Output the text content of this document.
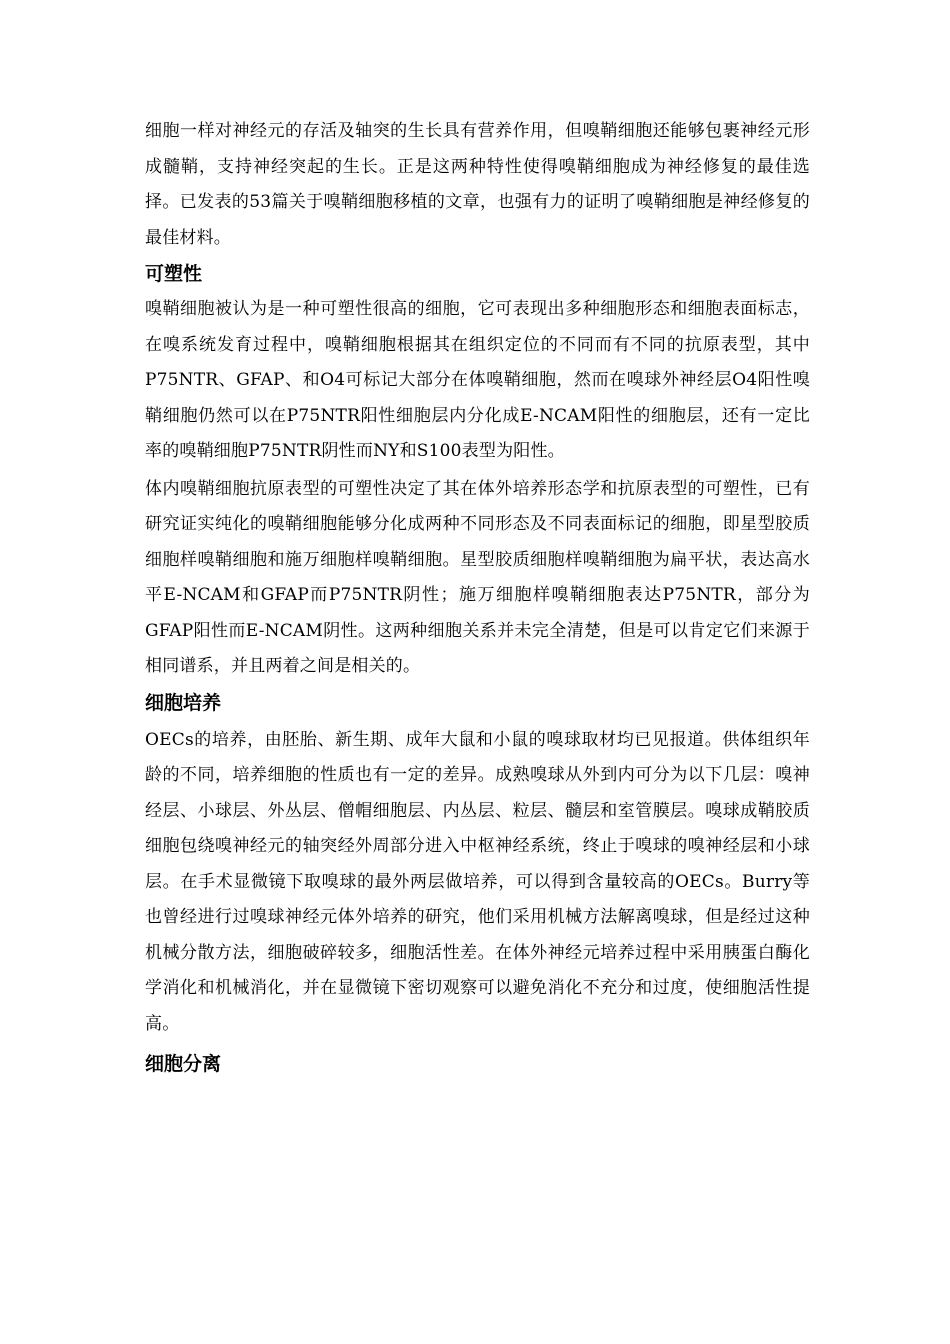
细胞一样对神经元的存活及轴突的生长具有营养作用，但嗅鞘细胞还能够包裹神经元形成髓鞘，支持神经突起的生长。正是这两种特性使得嗅鞘细胞成为神经修复的最佳选择。已发表的53篇关于嗅鞘细胞移植的文章，也强有力的证明了嗅鞘细胞是神经修复的最佳材料。

可塑性

嗅鞘细胞被认为是一种可塑性很高的细胞，它可表现出多种细胞形态和细胞表面标志，在嗅系统发育过程中，嗅鞘细胞根据其在组织定位的不同而有不同的抗原表型，其中P75NTR、GFAP、和O4可标记大部分在体嗅鞘细胞，然而在嗅球外神经层O4阳性嗅鞘细胞仍然可以在P75NTR阳性细胞层内分化成E-NCAM阳性的细胞层，还有一定比率的嗅鞘细胞P75NTR阴性而NY和S100表型为阳性。

体内嗅鞘细胞抗原表型的可塑性决定了其在体外培养形态学和抗原表型的可塑性，已有研究证实纯化的嗅鞘细胞能够分化成两种不同形态及不同表面标记的细胞，即星型胶质细胞样嗅鞘细胞和施万细胞样嗅鞘细胞。星型胶质细胞样嗅鞘细胞为扁平状，表达高水平E-NCAM和GFAP而P75NTR阴性；施万细胞样嗅鞘细胞表达P75NTR，部分为GFAP阳性而E-NCAM阴性。这两种细胞关系并未完全清楚，但是可以肯定它们来源于相同谱系，并且两着之间是相关的。

细胞培养

OECs的培养，由胚胎、新生期、成年大鼠和小鼠的嗅球取材均已见报道。供体组织年龄的不同，培养细胞的性质也有一定的差异。成熟嗅球从外到内可分为以下几层：嗅神经层、小球层、外丛层、僧帽细胞层、内丛层、粒层、髓层和室管膜层。嗅球成鞘胶质细胞包绕嗅神经元的轴突经外周部分进入中枢神经系统，终止于嗅球的嗅神经层和小球层。在手术显微镜下取嗅球的最外两层做培养，可以得到含量较高的OECs。Burry等也曾经进行过嗅球神经元体外培养的研究，他们采用机械方法解离嗅球，但是经过这种机械分散方法，细胞破碎较多，细胞活性差。在体外神经元培养过程中采用胰蛋白酶化学消化和机械消化，并在显微镜下密切观察可以避免消化不充分和过度，使细胞活性提高。

细胞分离
